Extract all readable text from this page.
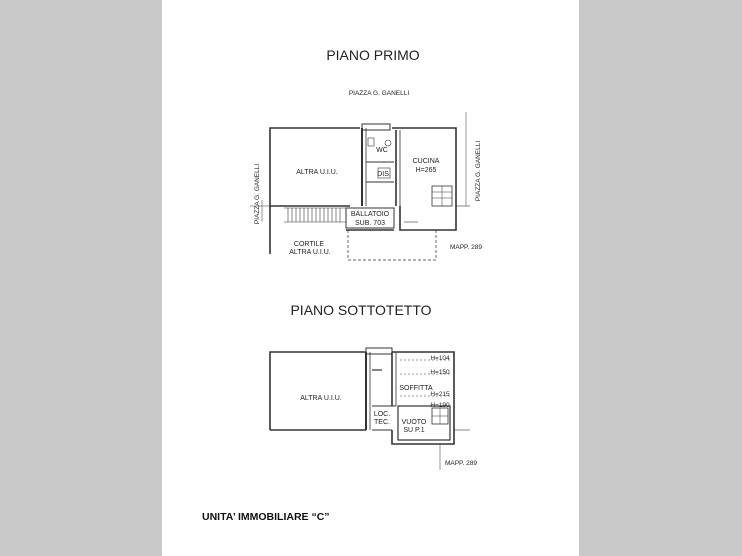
PIANO PRIMO
PIAZZA G. GANELLI
PIAZZA G. GANELLI	PIAZZA G. GANELLI
ALTRA U.I.U.
WC
DIS.
CUCINA
H=265
BALLATOIO
SUB. 703
CORTILE
ALTRA U.I.U.
MAPP. 289
PIANO SOTTOTETTO
ALTRA U.I.U.
SOFFITTA
H=104
H=150
H=215
H=190
LOC.
TEC. VUOTO
SU P.1
MAPP. 289
UNITA’ IMMOBILIARE “C”
